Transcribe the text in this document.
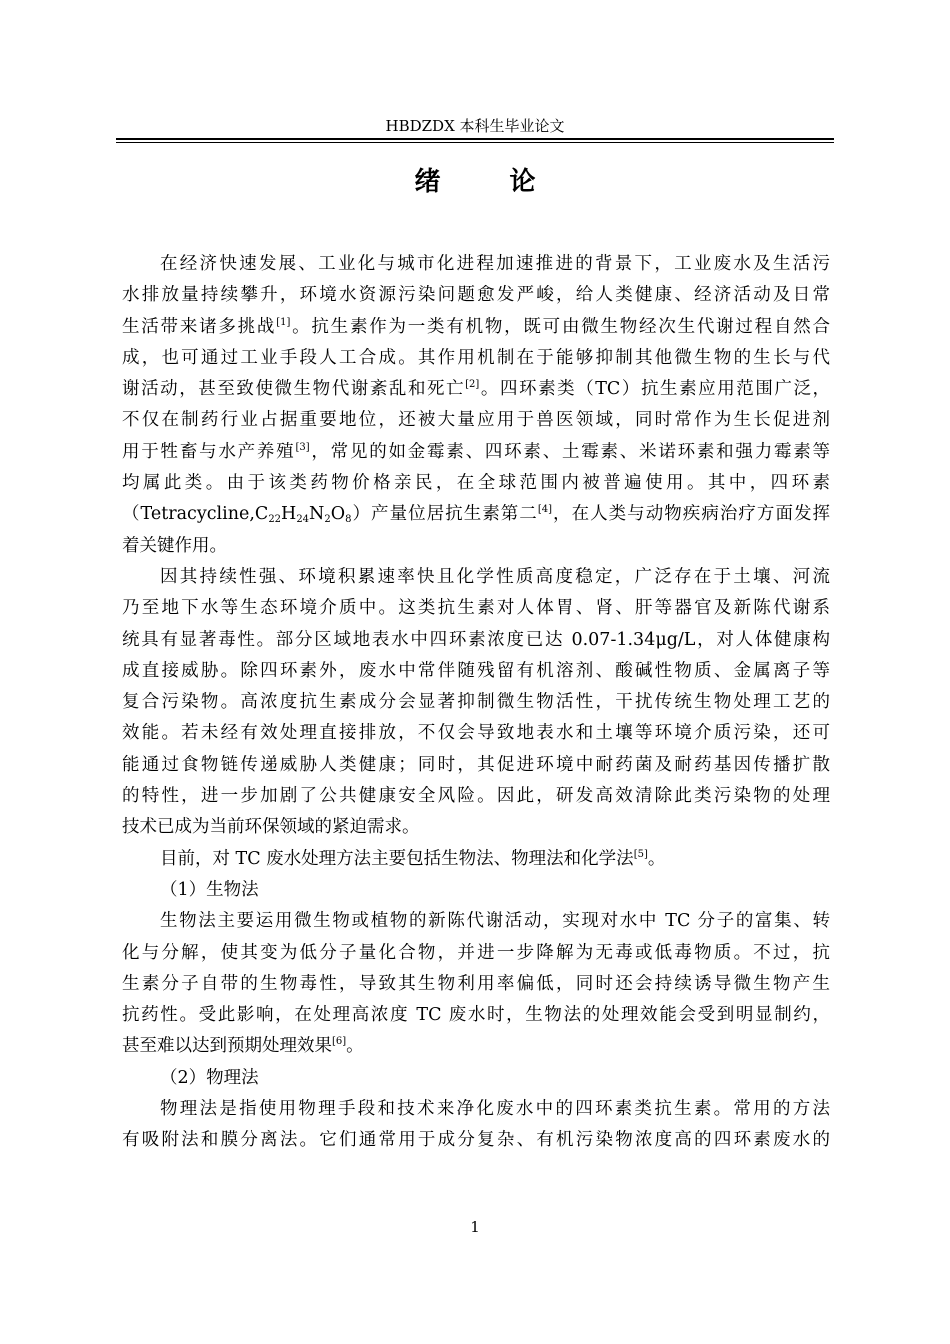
HBDZDX 本科生毕业论文
绪 论
在经济快速发展、工业化与城市化进程加速推进的背景下，工业废水及生活污
水排放量持续攀升，环境水资源污染问题愈发严峻，给人类健康、经济活动及日常
生活带来诸多挑战[1]。抗生素作为一类有机物，既可由微生物经次生代谢过程自然合
成，也可通过工业手段人工合成。其作用机制在于能够抑制其他微生物的生长与代
谢活动，甚至致使微生物代谢紊乱和死亡[2]。四环素类（TC）抗生素应用范围广泛，
不仅在制药行业占据重要地位，还被大量应用于兽医领域，同时常作为生长促进剂
用于牲畜与水产养殖[3]，常见的如金霉素、四环素、土霉素、米诺环素和强力霉素等
均属此类。由于该类药物价格亲民，在全球范围内被普遍使用。其中，四环素
$(Tetracycline,C_{22}H_{24}N_2O_8)$产量位居抗生素第二[4]，在人类与动物疾病治疗方面发挥
着关键作用。
因其持续性强、环境积累速率快且化学性质高度稳定，广泛存在于土壤、河流
乃至地下水等生态环境介质中。这类抗生素对人体胃、肾、肝等器官及新陈代谢系
统具有显著毒性。部分区域地表水中四环素浓度已达 0.07-1.34μg/L，对人体健康构
成直接威胁。除四环素外，废水中常伴随残留有机溶剂、酸碱性物质、金属离子等
复合污染物。高浓度抗生素成分会显著抑制微生物活性，干扰传统生物处理工艺的
效能。若未经有效处理直接排放，不仅会导致地表水和土壤等环境介质污染，还可
能通过食物链传递威胁人类健康；同时，其促进环境中耐药菌及耐药基因传播扩散
的特性，进一步加剧了公共健康安全风险。因此，研发高效清除此类污染物的处理
技术已成为当前环保领域的紧迫需求。
目前，对 TC 废水处理方法主要包括生物法、物理法和化学法[5]。
（1）生物法
生物法主要运用微生物或植物的新陈代谢活动，实现对水中 TC 分子的富集、转
化与分解，使其变为低分子量化合物，并进一步降解为无毒或低毒物质。不过，抗
生素分子自带的生物毒性，导致其生物利用率偏低，同时还会持续诱导微生物产生
抗药性。受此影响，在处理高浓度 TC 废水时，生物法的处理效能会受到明显制约，
甚至难以达到预期处理效果[6]。
（2）物理法
物理法是指使用物理手段和技术来净化废水中的四环素类抗生素。常用的方法
有吸附法和膜分离法。它们通常用于成分复杂、有机污染物浓度高的四环素废水的
1
